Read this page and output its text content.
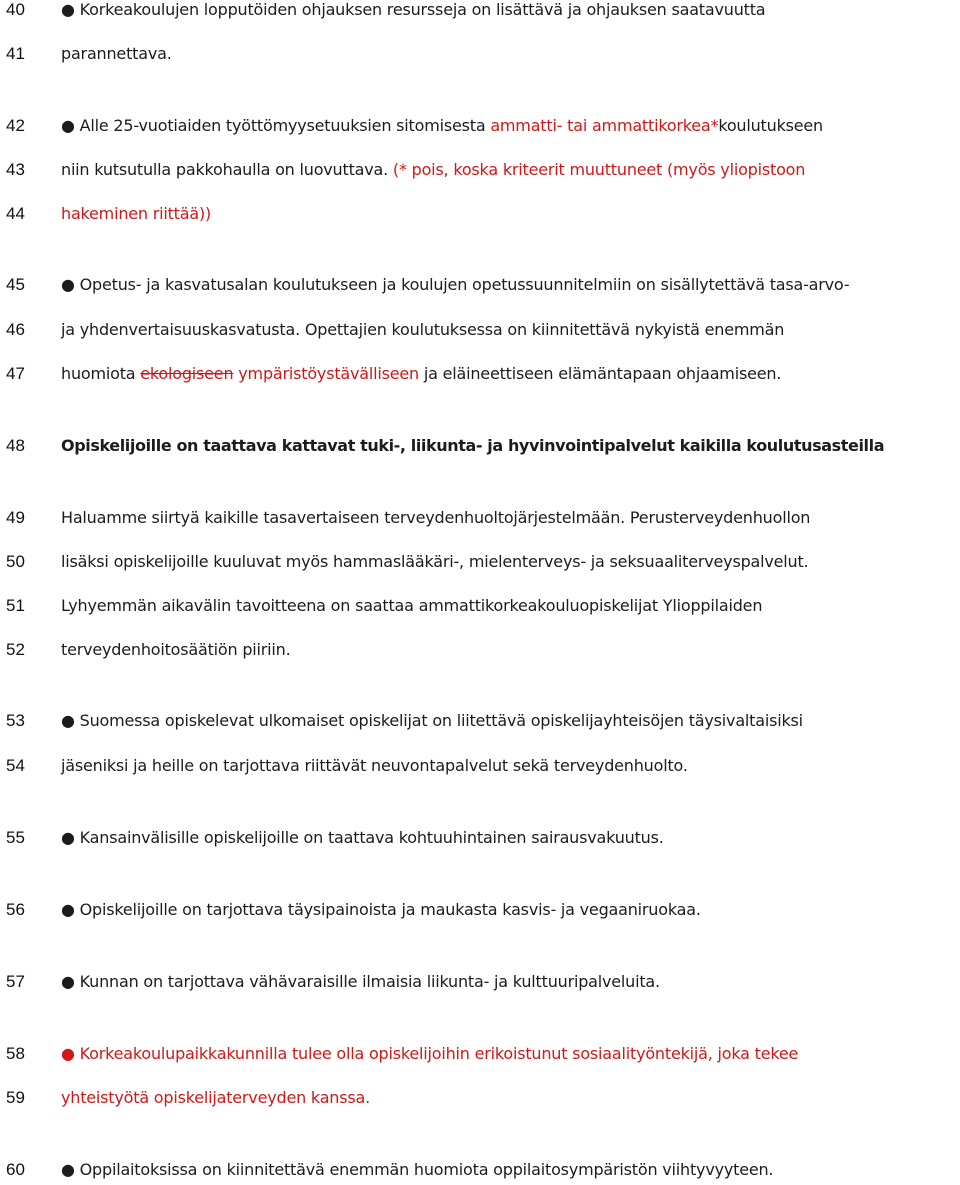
40
41
42
43
44
45
46
47
48
49
50
51
52
53
54
55
56
57
58
59
60
● Korkeakoulujen lopputöiden ohjauksen resursseja on lisättävä ja ohjauksen saatavuutta
parannettava.
● Alle 25-vuotiaiden työttömyysetuuksien sitomisesta ammatti- tai ammattikorkea*koulutukseen
niin kutsutulla pakkohaulla on luovuttava. (* pois, koska kriteerit muuttuneet (myös yliopistoon
hakeminen riittää))
● Opetus- ja kasvatusalan koulutukseen ja koulujen opetussuunnitelmiin on sisällytettävä tasa-arvo-
ja yhdenvertaisuuskasvatusta. Opettajien koulutuksessa on kiinnitettävä nykyistä enemmän
huomiota ekologiseen ympäristöystävälliseen ja eläineettiseen elämäntapaan ohjaamiseen.
Opiskelijoille on taattava kattavat tuki-, liikunta- ja hyvinvointipalvelut kaikilla koulutusasteilla
Haluamme siirtyä kaikille tasavertaiseen terveydenhuoltojärjestelmään. Perusterveydenhuollon
lisäksi opiskelijoille kuuluvat myös hammaslääkäri-, mielenterveys- ja seksuaaliterveyspalvelut.
Lyhyemmän aikavälin tavoitteena on saattaa ammattikorkeakouluopiskelijat Ylioppilaiden
terveydenhoitosäätiön piiriin.
● Suomessa opiskelevat ulkomaiset opiskelijat on liitettävä opiskelijayhteisöjen täysivaltaisiksi
jäseniksi ja heille on tarjottava riittävät neuvontapalvelut sekä terveydenhuolto.
● Kansainvälisille opiskelijoille on taattava kohtuuhintainen sairausvakuutus.
● Opiskelijoille on tarjottava täysipainoista ja maukasta kasvis- ja vegaaniruokaa.
● Kunnan on tarjottava vähävaraisille ilmaisia liikunta- ja kulttuuripalveluita.
● Korkeakoulupaikkakunnilla tulee olla opiskelijoihin erikoistunut sosiaalityöntekijä, joka tekee
yhteistyötä opiskelijaterveyden kanssa.
● Oppilaitoksissa on kiinnitettävä enemmän huomiota oppilaitosympäristön viihtyvyyteen.
